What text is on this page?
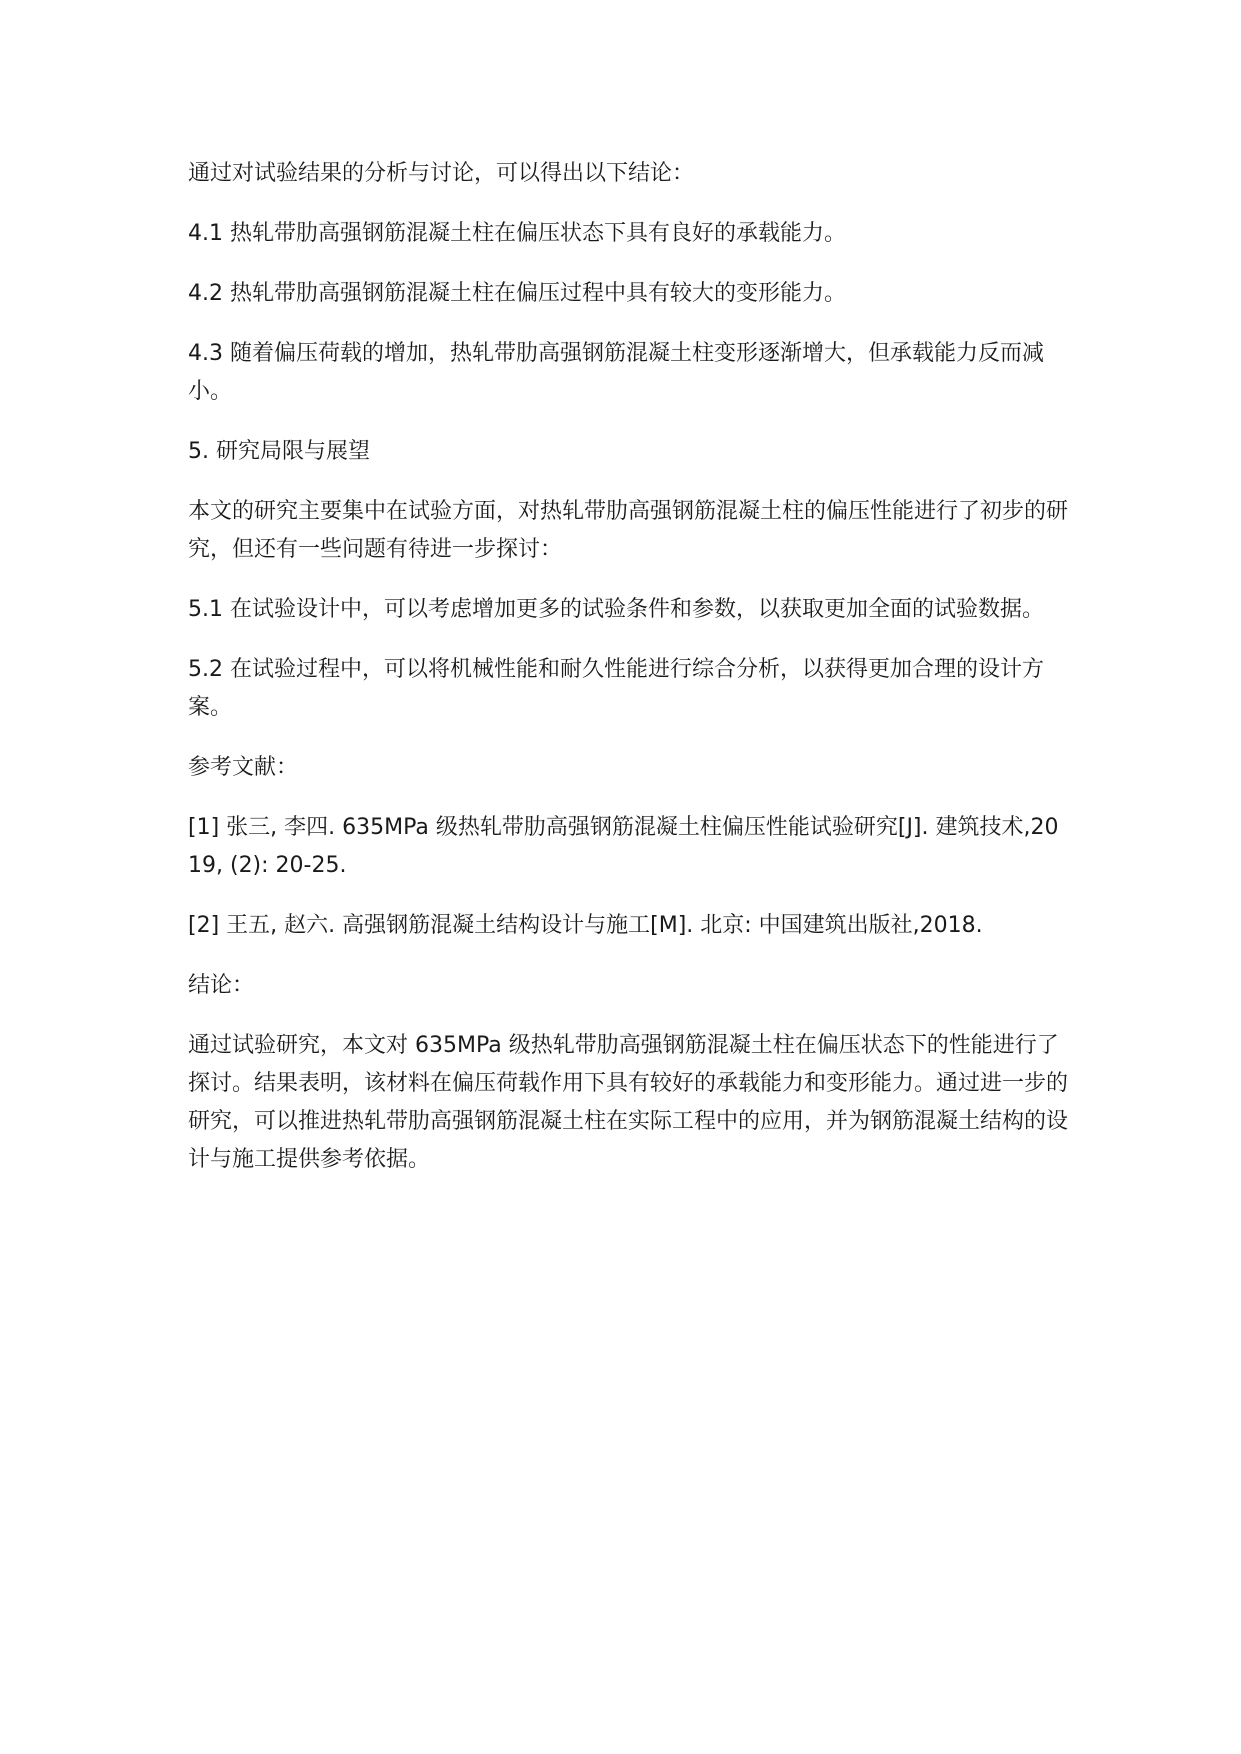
通过对试验结果的分析与讨论，可以得出以下结论：

4.1 热轧带肋高强钢筋混凝土柱在偏压状态下具有良好的承载能力。

4.2 热轧带肋高强钢筋混凝土柱在偏压过程中具有较大的变形能力。

4.3 随着偏压荷载的增加，热轧带肋高强钢筋混凝土柱变形逐渐增大，但承载能力反而减小。

5. 研究局限与展望

本文的研究主要集中在试验方面，对热轧带肋高强钢筋混凝土柱的偏压性能进行了初步的研究，但还有一些问题有待进一步探讨：

5.1 在试验设计中，可以考虑增加更多的试验条件和参数，以获取更加全面的试验数据。

5.2 在试验过程中，可以将机械性能和耐久性能进行综合分析，以获得更加合理的设计方案。

参考文献：

[1] 张三, 李四. 635MPa 级热轧带肋高强钢筋混凝土柱偏压性能试验研究[J]. 建筑技术,2019, (2): 20-25.

[2] 王五, 赵六. 高强钢筋混凝土结构设计与施工[M]. 北京: 中国建筑出版社,2018.

结论：

通过试验研究，本文对 635MPa 级热轧带肋高强钢筋混凝土柱在偏压状态下的性能进行了探讨。结果表明，该材料在偏压荷载作用下具有较好的承载能力和变形能力。通过进一步的研究，可以推进热轧带肋高强钢筋混凝土柱在实际工程中的应用，并为钢筋混凝土结构的设计与施工提供参考依据。
